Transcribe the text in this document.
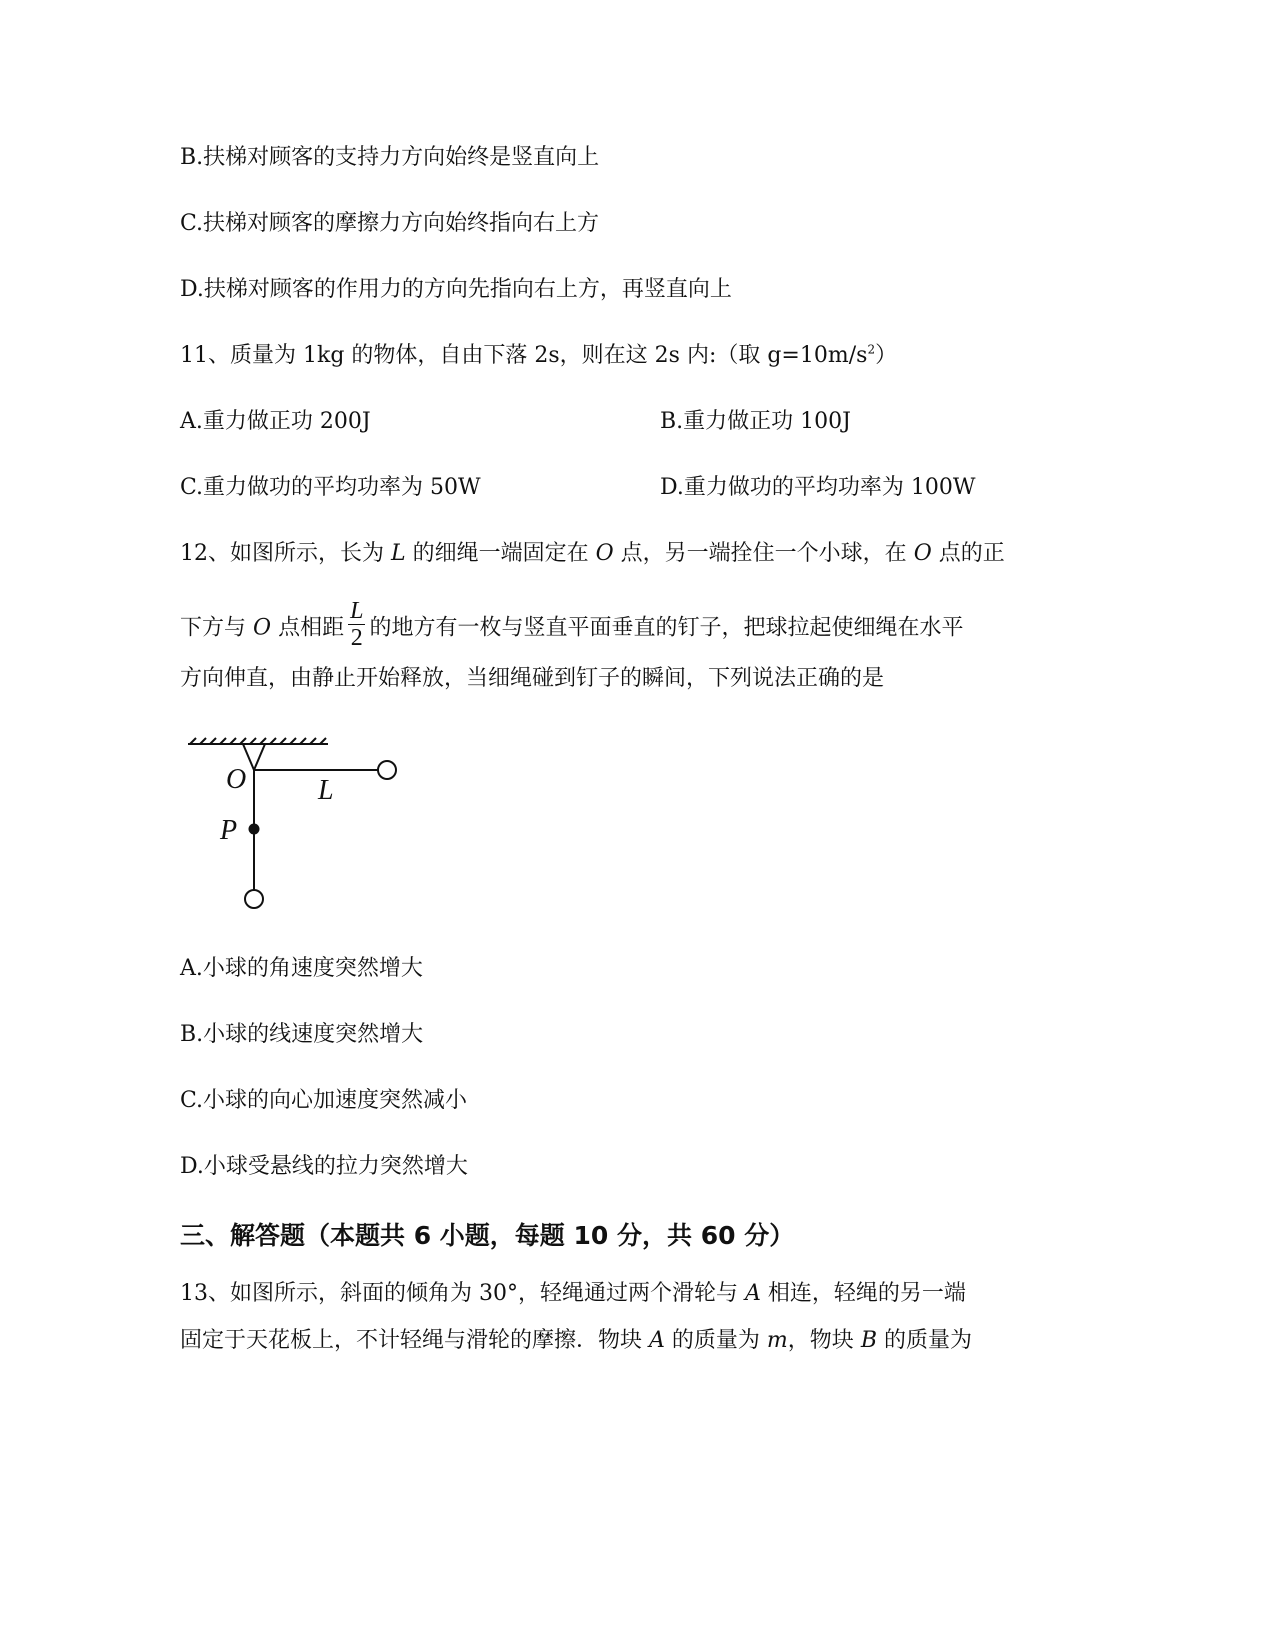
B.扶梯对顾客的支持力方向始终是竖直向上
C.扶梯对顾客的摩擦力方向始终指向右上方
D.扶梯对顾客的作用力的方向先指向右上方，再竖直向上
11、质量为 1kg 的物体，自由下落 2s，则在这 2s 内:（取 $g=10m/s^2$）
A.重力做正功 200J	B.重力做正功 100J
C.重力做功的平均功率为 50W	D.重力做功的平均功率为 100W
12、如图所示，长为 L 的细绳一端固定在 O 点，另一端拴住一个小球，在 O 点的正
下方与 O 点相距 $\frac{L}{2}$ 的地方有一枚与竖直平面垂直的钉子，把球拉起使细绳在水平
方向伸直，由静止开始释放，当细绳碰到钉子的瞬间，下列说法正确的是
O	L
P
A.小球的角速度突然增大
B.小球的线速度突然增大
C.小球的向心加速度突然减小
D.小球受悬线的拉力突然增大
三、解答题（本题共 6 小题，每题 10 分，共 60 分）
13、如图所示，斜面的倾角为 30°，轻绳通过两个滑轮与 A 相连，轻绳的另一端
固定于天花板上，不计轻绳与滑轮的摩擦．物块 A 的质量为 m，物块 B 的质量为
